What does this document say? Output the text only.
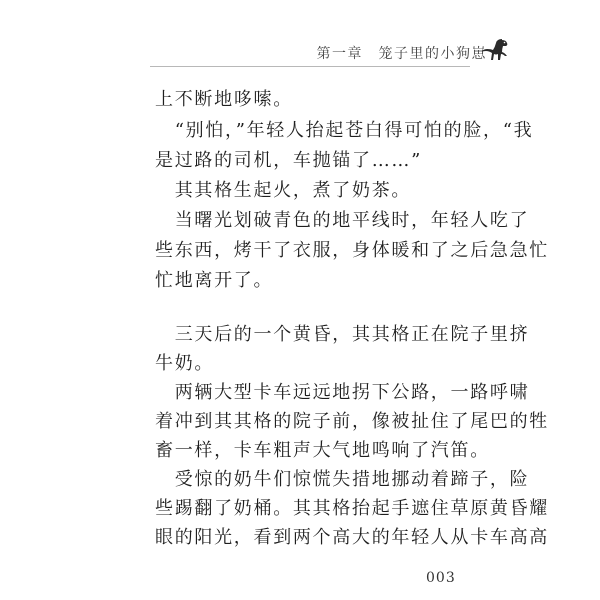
第一章　笼子里的小狗崽
上不断地哆嗦。
　“别怕，”年轻人抬起苍白得可怕的脸，“我
是过路的司机，车抛锚了……”
　其其格生起火，煮了奶茶。
　当曙光划破青色的地平线时，年轻人吃了
些东西，烤干了衣服，身体暖和了之后急急忙
忙地离开了。
　三天后的一个黄昏，其其格正在院子里挤
牛奶。
　两辆大型卡车远远地拐下公路，一路呼啸
着冲到其其格的院子前，像被扯住了尾巴的牲
畜一样，卡车粗声大气地鸣响了汽笛。
　受惊的奶牛们惊慌失措地挪动着蹄子，险
些踢翻了奶桶。其其格抬起手遮住草原黄昏耀
眼的阳光，看到两个高大的年轻人从卡车高高
003
